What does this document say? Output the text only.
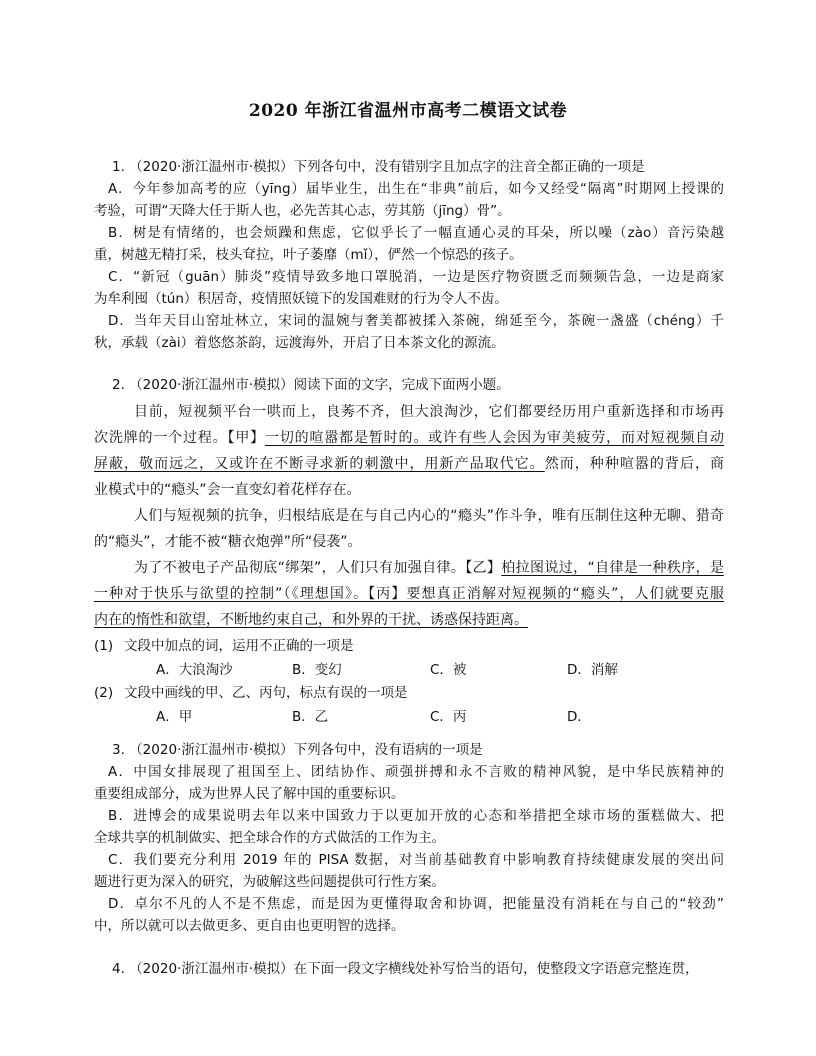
2020 年浙江省温州市高考二模语文试卷
1. （2020·浙江温州市·模拟）下列各句中，没有错别字且加点字的注音全都正确的一项是
A．今年参加高考的应（yīng）届毕业生，出生在“非典”前后，如今又经受“隔离”时期网上授课的
考验，可谓“天降大任于斯人也，必先苦其心志，劳其筋（jīng）骨”。
B．树是有情绪的，也会烦躁和焦虑，它似乎长了一幅直通心灵的耳朵，所以噪（zào）音污染越
重，树越无精打采，枝头耷拉，叶子萎靡（mǐ），俨然一个惊恐的孩子。
C．“新冠（guān）肺炎”疫情导致多地口罩脱消，一边是医疗物资匮乏而频频告急，一边是商家
为牟利囤（tún）积居奇，疫情照妖镜下的发国难财的行为令人不齿。
D．当年天目山窑址林立，宋词的温婉与奢美都被揉入茶碗，绵延至今，茶碗一盏盛（chéng）千
秋，承载（zài）着悠悠茶韵，远渡海外，开启了日本茶文化的源流。
2. （2020·浙江温州市·模拟）阅读下面的文字，完成下面两小题。
目前，短视频平台一哄而上，良莠不齐，但大浪淘沙，它们都要经历用户重新选择和市场再
次洗牌的一个过程。【甲】一切的喧嚣都是暂时的。或许有些人会因为审美疲劳，而对短视频自动
屏蔽，敬而远之，又或许在不断寻求新的刺激中，用新产品取代它。然而，种种喧嚣的背后，商
业模式中的“瘾头”会一直变幻着花样存在。
人们与短视频的抗争，归根结底是在与自己内心的“瘾头”作斗争，唯有压制住这种无聊、猎奇
的“瘾头”，才能不被“糖衣炮弹”所“侵袭”。
为了不被电子产品彻底“绑架”，人们只有加强自律。【乙】柏拉图说过，“自律是一种秩序，是
一种对于快乐与欲望的控制”（《理想国》。【丙】要想真正消解对短视频的“瘾头”，人们就要克服
内在的惰性和欲望，不断地约束自己，和外界的干扰、诱惑保持距离。
(1) 文段中加点的词，运用不正确的一项是
A．大浪淘沙	B．变幻	C．被	D．消解
(2) 文段中画线的甲、乙、丙句，标点有误的一项是
A．甲	B．乙	C．丙	D．
3. （2020·浙江温州市·模拟）下列各句中，没有语病的一项是
A．中国女排展现了祖国至上、团结协作、顽强拼搏和永不言败的精神风貌，是中华民族精神的
重要组成部分，成为世界人民了解中国的重要标识。
B．进博会的成果说明去年以来中国致力于以更加开放的心态和举措把全球市场的蛋糕做大、把
全球共享的机制做实、把全球合作的方式做活的工作为主。
C．我们要充分利用 2019 年的 PISA 数据，对当前基础教育中影响教育持续健康发展的突出问
题进行更为深入的研究，为破解这些问题提供可行性方案。
D．卓尔不凡的人不是不焦虑，而是因为更懂得取舍和协调，把能量没有消耗在与自己的“较劲”
中，所以就可以去做更多、更自由也更明智的选择。
4. （2020·浙江温州市·模拟）在下面一段文字横线处补写恰当的语句，使整段文字语意完整连贯，
